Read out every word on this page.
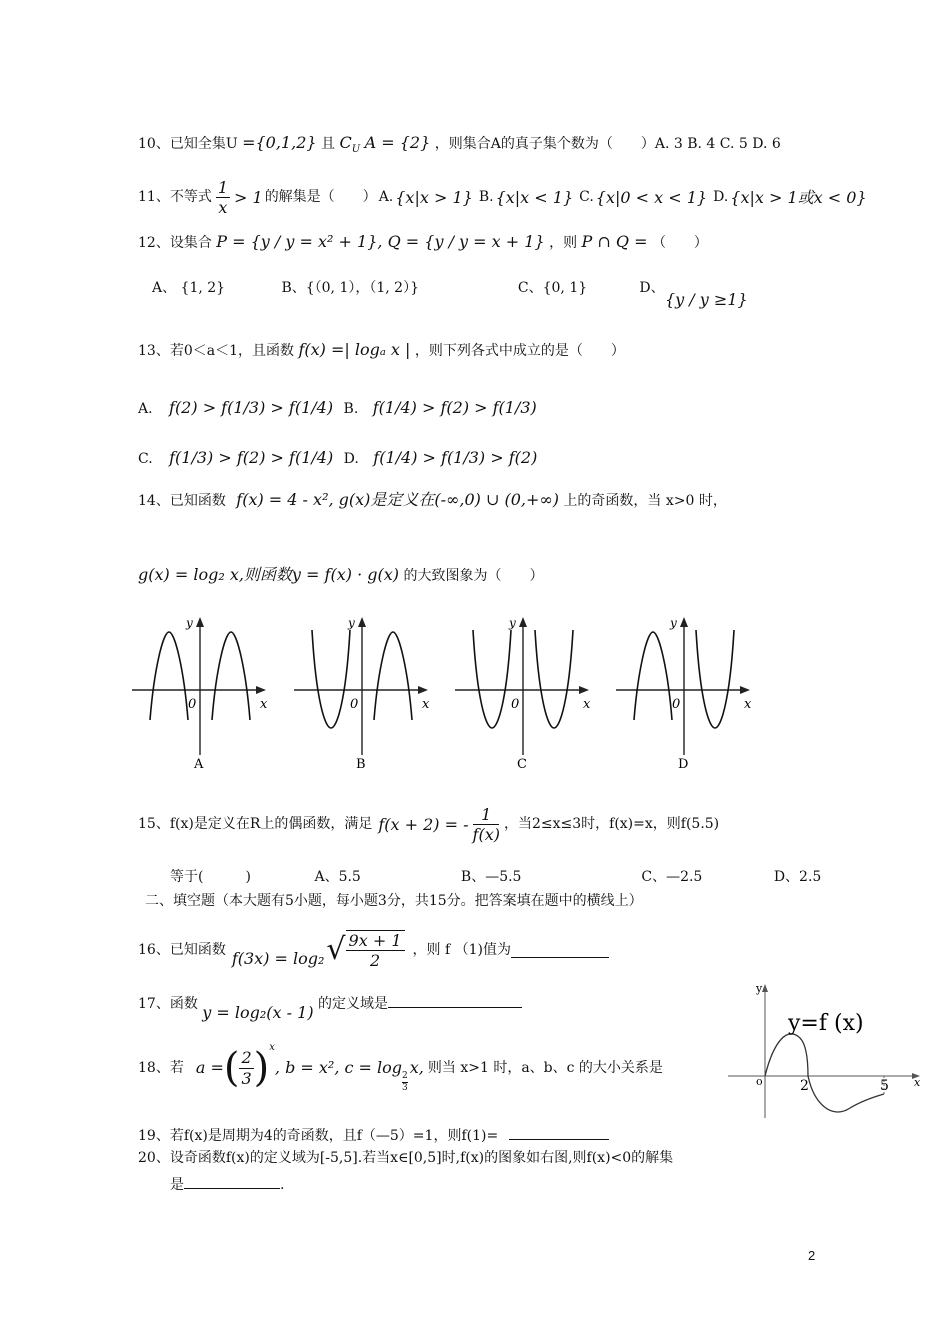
10、已知全集U ={0,1,2} 且 $C_U$ A = {2} ，则集合A的真子集个数为（　　）A. 3 B. 4 C. 5 D. 6
11、不等式 $\frac{1}{x} > 1$ 的解集是（　　） A. {x|x > 1} B. {x|x < 1} C. {x|0 < x < 1} D. {x|x > 1或x < 0}
12、设集合 P = {y / y = x² + 1}, Q = {y / y = x + 1} ，则 P ∩ Q = （　　）
A、 {1, 2}	B、{（0, 1），（1, 2）}	C、{0, 1}	D、
{y / y ≥1}
13、若0＜a＜1，且函数 f(x) =| logₐ x | ，则下列各式中成立的是（　　）
A. f(2) > f(1/3) > f(1/4) B. f(1/4) > f(2) > f(1/3)
C. f(1/3) > f(2) > f(1/4) D. f(1/4) > f(1/3) > f(2)
14、已知函数 f(x) = 4 - x², g(x)是定义在(-∞,0) ∪ (0,+∞) 上的奇函数，当 x>0 时，
g(x) = log₂ x,则函数y = f(x) · g(x) 的大致图象为（　　）
y
x
0
A
y
x
0
B
y
x
0
C
y
x
0
D
15、f(x)是定义在R上的偶函数，满足 f(x + 2) = - $\frac{1}{f(x)}$ ，当2≤x≤3时，f(x)=x，则f(5.5)
等于(　　　)	A、5.5	B、—5.5	C、—2.5	D、2.5
二、填空题（本大题有5小题，每小题3分，共15分。把答案填在题中的横线上）
16、已知函数 f(3x) = log₂ √ $\frac{9x + 1}{2}$ ，则 f （1)值为
17、函数 y = log₂(x - 1) 的定义域是
18、若 a = ( $\frac{2}{3}$ ) x
, b = x², c = log
$\frac{2}{3}$
x, 则当 x>1 时，a、b、c 的大小关系是
y
x
o	2	5
y=f (x)
19、若f(x)是周期为4的奇函数，且f（—5）=1，则f(1)=
20、设奇函数f(x)的定义域为[-5,5].若当x∈[0,5]时,f(x)的图象如右图,则f(x)<0的解集
是	.
2
